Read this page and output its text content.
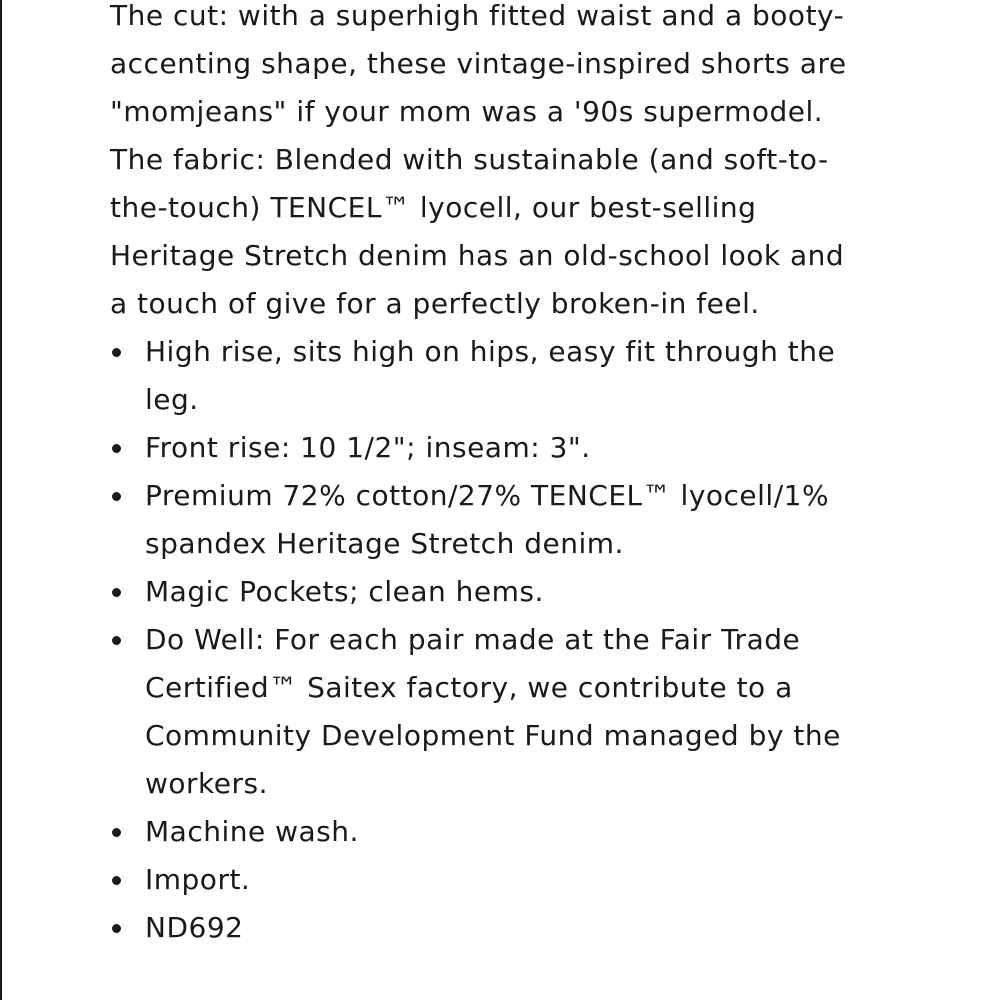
The cut: with a superhigh fitted waist and a booty-accenting shape, these vintage-inspired shorts are "momjeans" if your mom was a '90s supermodel. The fabric: Blended with sustainable (and soft-to-the-touch) TENCEL™ lyocell, our best-selling Heritage Stretch denim has an old-school look and a touch of give for a perfectly broken-in feel.

High rise, sits high on hips, easy fit through the leg.
Front rise: 10 1/2"; inseam: 3".
Premium 72% cotton/27% TENCEL™ lyocell/1% spandex Heritage Stretch denim.
Magic Pockets; clean hems.
Do Well: For each pair made at the Fair Trade Certified™ Saitex factory, we contribute to a Community Development Fund managed by the workers.
Machine wash.
Import.
ND692
